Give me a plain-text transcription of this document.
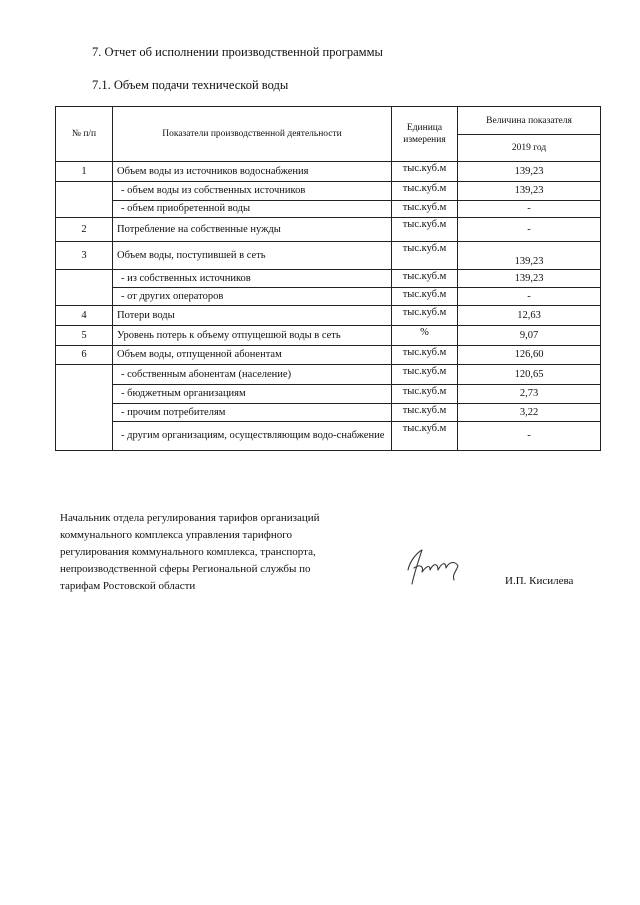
7. Отчет об исполнении производственной программы
7.1. Объем подачи технической воды
№ п/п	Показатели производственной деятельности	Единица измерения	Величина показателя
			2019 год
1	Объем воды из источников водоснабжения	тыс.куб.м	139,23
	- объем воды из собственных источников	тыс.куб.м	139,23
	- объем приобретенной воды	тыс.куб.м	-
2	Потребление на собственные нужды	тыс.куб.м	-
3	Объем воды, поступившей в сеть	тыс.куб.м	139,23
	- из собственных источников	тыс.куб.м	139,23
	- от других операторов	тыс.куб.м	-
4	Потери воды	тыс.куб.м	12,63
5	Уровень потерь к объему отпущешюй воды в сеть	%	9,07
6	Объем воды, отпущенной абонентам	тыс.куб.м	126,60
	- собственным абонентам (население)	тыс.куб.м	120,65
	- бюджетным организациям	тыс.куб.м	2,73
	- прочим потребителям	тыс.куб.м	3,22
	- другим организациям, осуществляющим водо-снабжение	тыс.куб.м	-
Начальник отдела регулирования тарифов организаций
коммунального комплекса управления тарифного
регулирования коммунального комплекса, транспорта,
непроизводственной сферы Региональной службы по
тарифам Ростовской области	И.П. Кисилева
